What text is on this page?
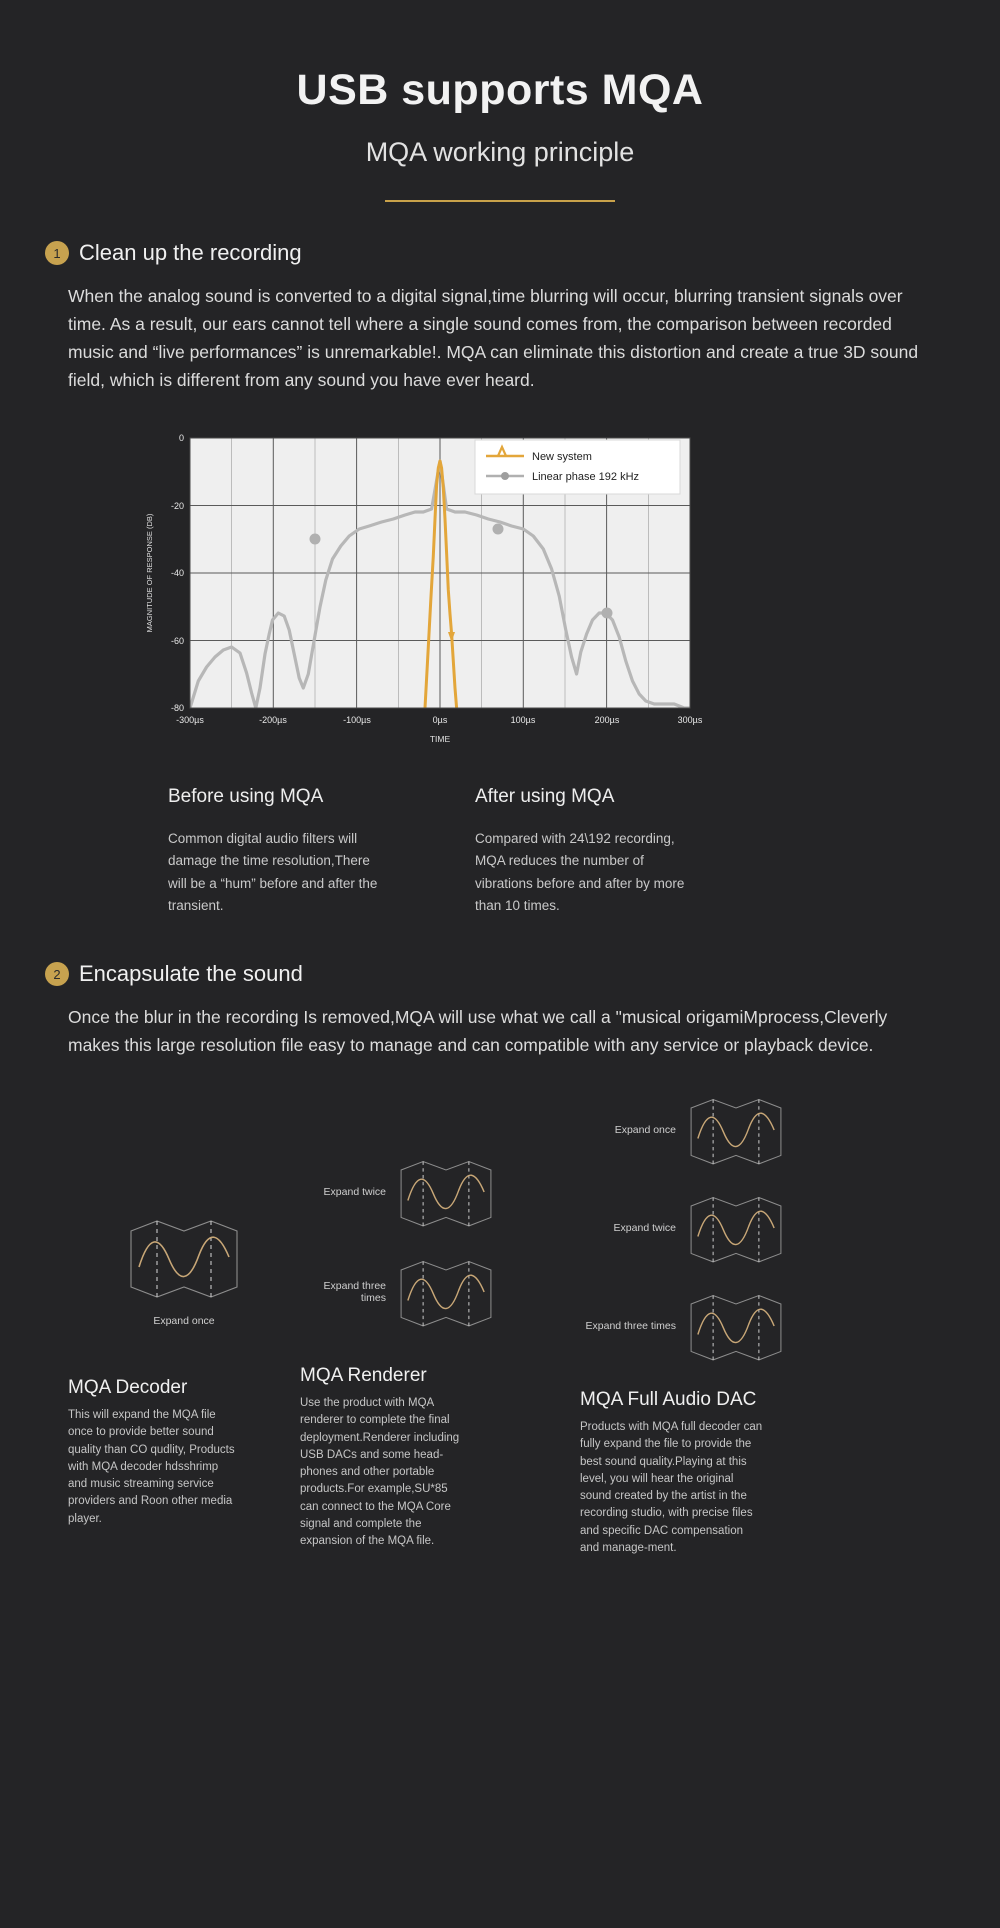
USB supports MQA
MQA working principle
1 Clean up the recording

When the analog sound is converted to a digital signal,time blurring will occur, blurring transient signals over time. As a result, our ears cannot tell where a single sound comes from, the comparison between recorded music and “live performances” is unremarkable!. MQA can eliminate this distortion and create a true 3D sound field, which is different from any sound you have ever heard.

0
-20
-40
-60
-80
-300µs	-200µs	-100µs	0µs	100µs	200µs	300µs
TIME
MAGNITUDE OF RESPONSE (DB)
New system
Linear phase 192 kHz
Before using MQA
Common digital audio filters will damage the time resolution,There will be a “hum” before and after the transient.
After using MQA
Compared with 24\192 recording, MQA reduces the number of vibrations before and after by more than 10 times.
2 Encapsulate the sound

Once the blur in the recording Is removed,MQA will use what we call a "musical origamiMprocess,Cleverly makes this large resolution file easy to manage and can compatible with any service or playback device.

Expand once
MQA Decoder
This will expand the MQA file once to provide better sound quality than CO qudlity, Products with MQA decoder hdsshrimp and music streaming service providers and Roon other media player.
Expand twice
Expand three times
MQA Renderer
Use the product with MQA renderer to complete the final deployment.Renderer including USB DACs and some head-phones and other portable products.For example,SU*85 can connect to the MQA Core signal and complete the expansion of the MQA file.
Expand once
Expand twice
Expand three times
MQA Full Audio DAC
Products with MQA full decoder can fully expand the file to provide the best sound quality.Playing at this level, you will hear the original sound created by the artist in the recording studio, with precise files and specific DAC compensation and manage-ment.
